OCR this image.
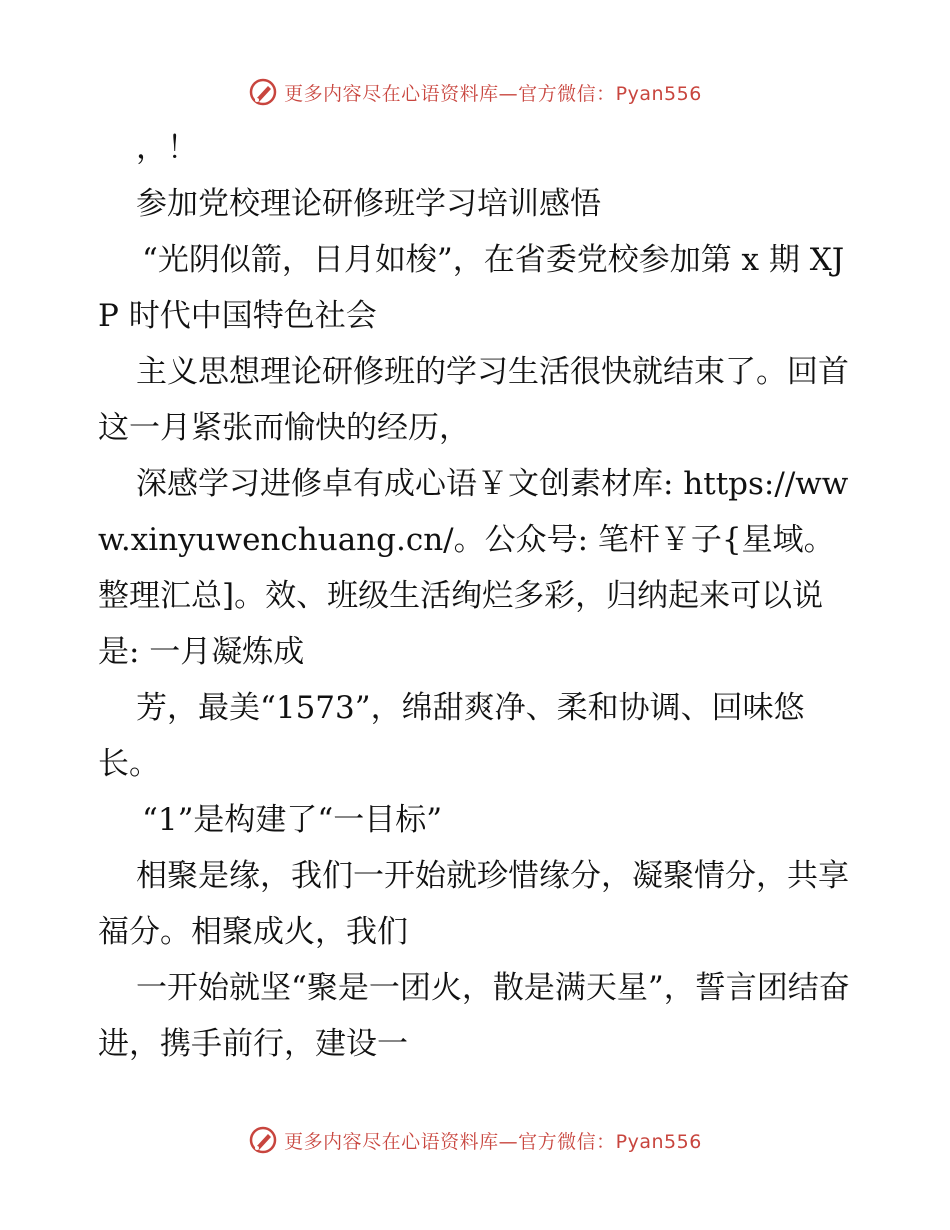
更多内容尽在心语资料库—官方微信：Pyan556

，！

参加党校理论研修班学习培训感悟

“光阴似箭，日月如梭”，在省委党校参加第 x 期 XJP 时代中国特色社会

主义思想理论研修班的学习生活很快就结束了。回首这一月紧张而愉快的经历，

深感学习进修卓有成心语￥文创素材库: https://www.xinyuwenchuang.cn/。公众号: 笔杆￥子{星域。整理汇总]。效、班级生活绚烂多彩，归纳起来可以说是: 一月凝炼成

芳，最美“1573”，绵甜爽净、柔和协调、回味悠长。

“1”是构建了“一目标”

相聚是缘，我们一开始就珍惜缘分，凝聚情分，共享福分。相聚成火，我们

一开始就坚“聚是一团火，散是满天星”，誓言团结奋进，携手前行，建设一

更多内容尽在心语资料库—官方微信：Pyan556
